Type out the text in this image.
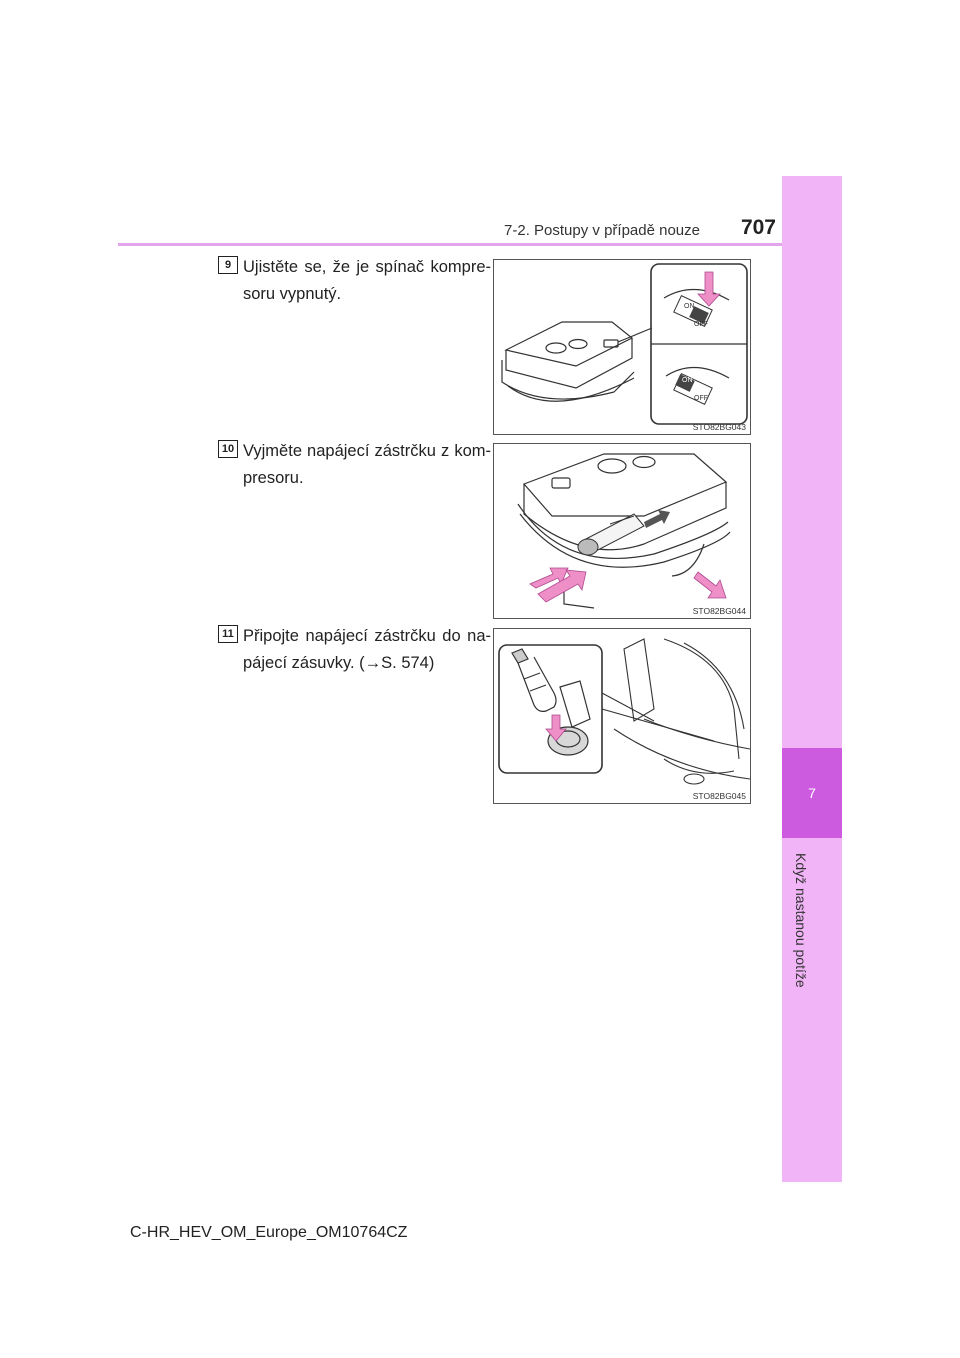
7-2. Postupy v případě nouze	707
7
Když nastanou potíže
9 Ujistěte se, že je spínač kompre-soru vypnutý.
ON
OFF
ON
OFF
STO82BG043
10 Vyjměte napájecí zástrčku z kom-presoru.
STO82BG044
11 Připojte napájecí zástrčku do na-pájecí zásuvky. (→S. 574)
STO82BG045
C-HR_HEV_OM_Europe_OM10764CZ
